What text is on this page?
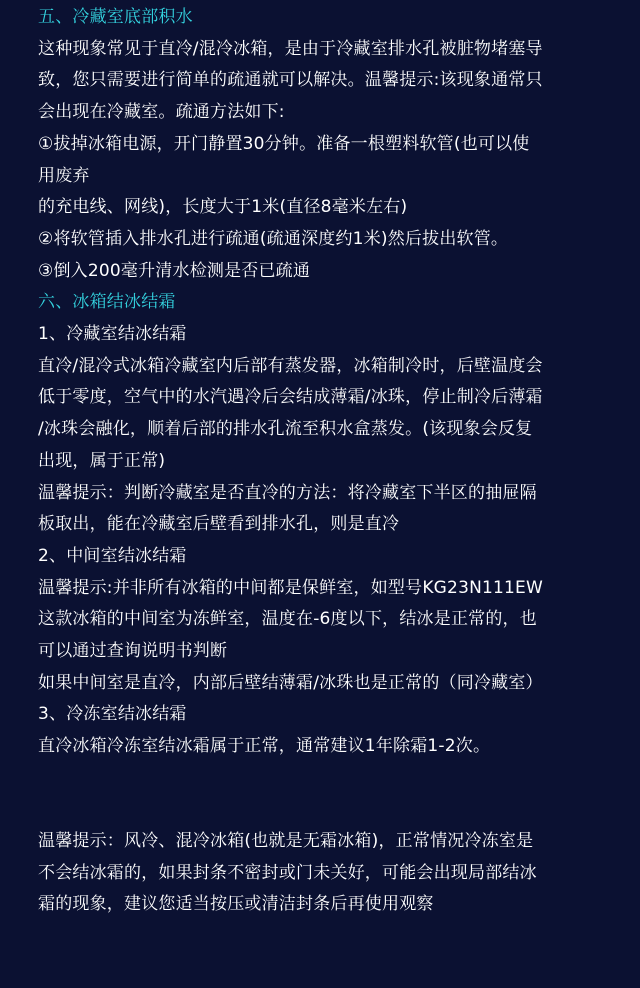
五、冷藏室底部积水
这种现象常见于直冷/混冷冰箱，是由于冷藏室排水孔被脏物堵塞导
致，您只需要进行简单的疏通就可以解决。温馨提示:该现象通常只
会出现在冷藏室。疏通方法如下:
①拔掉冰箱电源，开门静置30分钟。准备一根塑料软管(也可以使
用废弃
的充电线、网线)，长度大于1米(直径8毫米左右)
②将软管插入排水孔进行疏通(疏通深度约1米)然后拔出软管。
③倒入200毫升清水检测是否已疏通
六、冰箱结冰结霜
1、冷藏室结冰结霜
直冷/混冷式冰箱冷藏室内后部有蒸发器，冰箱制冷时，后壁温度会
低于零度，空气中的水汽遇冷后会结成薄霜/冰珠，停止制冷后薄霜
/冰珠会融化，顺着后部的排水孔流至积水盒蒸发。(该现象会反复
出现，属于正常)
温馨提示：判断冷藏室是否直冷的方法：将冷藏室下半区的抽屉隔
板取出，能在冷藏室后壁看到排水孔，则是直冷
2、中间室结冰结霜
温馨提示:并非所有冰箱的中间都是保鲜室，如型号KG23N111EW
这款冰箱的中间室为冻鲜室，温度在-6度以下，结冰是正常的，也
可以通过查询说明书判断
如果中间室是直冷，内部后壁结薄霜/冰珠也是正常的（同冷藏室）
3、冷冻室结冰结霜
直冷冰箱冷冻室结冰霜属于正常，通常建议1年除霜1-2次。
温馨提示：风冷、混冷冰箱(也就是无霜冰箱)，正常情况冷冻室是
不会结冰霜的，如果封条不密封或门未关好，可能会出现局部结冰
霜的现象，建议您适当按压或清洁封条后再使用观察
